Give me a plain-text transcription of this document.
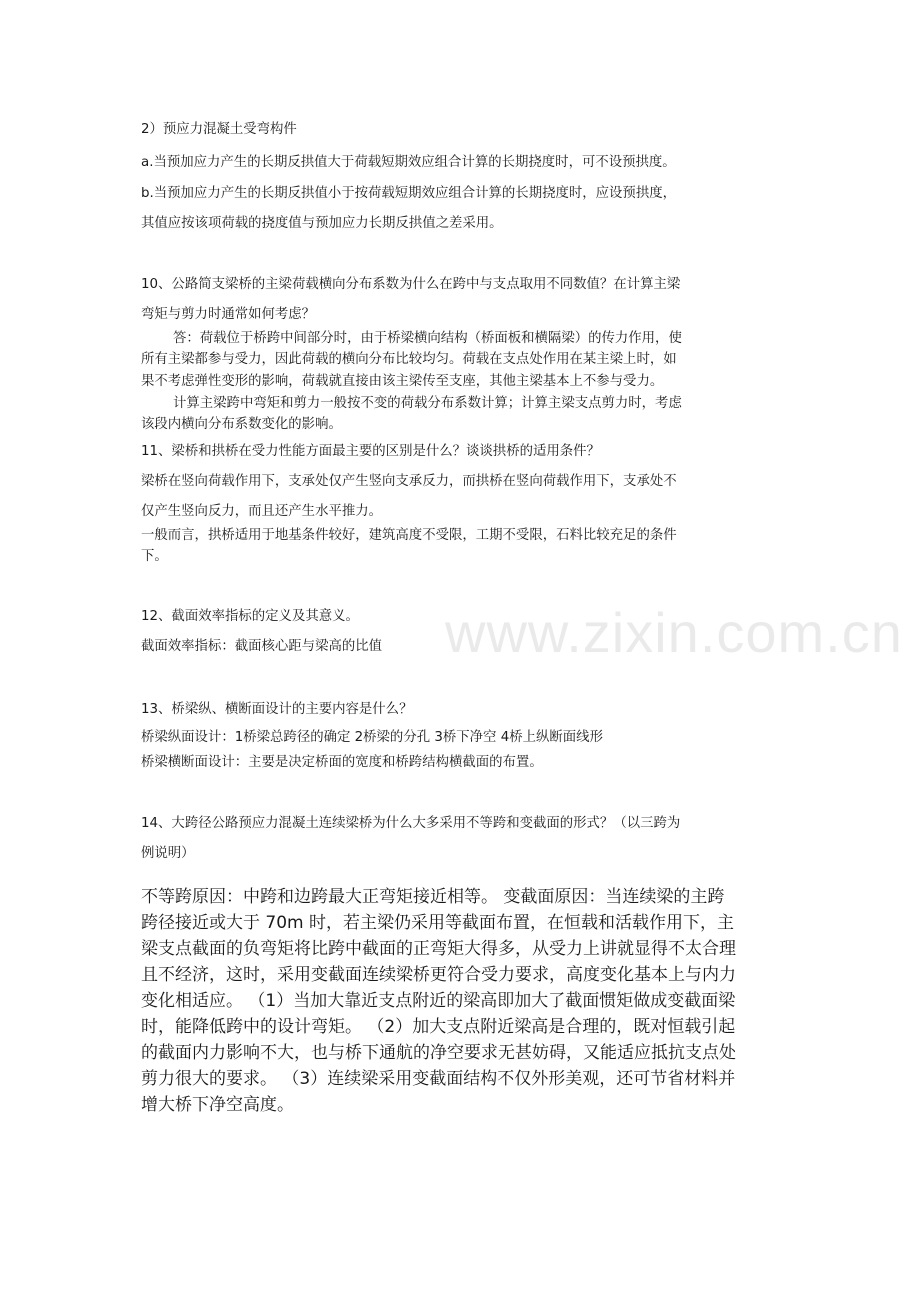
2）预应力混凝土受弯构件
a.当预加应力产生的长期反拱值大于荷载短期效应组合计算的长期挠度时，可不设预拱度。
b.当预加应力产生的长期反拱值小于按荷载短期效应组合计算的长期挠度时，应设预拱度，
其值应按该项荷载的挠度值与预加应力长期反拱值之差采用。
10、公路简支梁桥的主梁荷载横向分布系数为什么在跨中与支点取用不同数值？在计算主梁
弯矩与剪力时通常如何考虑？
答：荷载位于桥跨中间部分时，由于桥梁横向结构（桥面板和横隔梁）的传力作用，使
所有主梁都参与受力，因此荷载的横向分布比较均匀。荷载在支点处作用在某主梁上时，如
果不考虑弹性变形的影响，荷载就直接由该主梁传至支座，其他主梁基本上不参与受力。
计算主梁跨中弯矩和剪力一般按不变的荷载分布系数计算；计算主梁支点剪力时，考虑
该段内横向分布系数变化的影响。
11、梁桥和拱桥在受力性能方面最主要的区别是什么？谈谈拱桥的适用条件？
梁桥在竖向荷载作用下，支承处仅产生竖向支承反力，而拱桥在竖向荷载作用下，支承处不
仅产生竖向反力，而且还产生水平推力。
一般而言，拱桥适用于地基条件较好，建筑高度不受限，工期不受限，石料比较充足的条件
下。
12、截面效率指标的定义及其意义。
截面效率指标：截面核心距与梁高的比值 www.zixin.com.cn
13、桥梁纵、横断面设计的主要内容是什么？
桥梁纵面设计：1桥梁总跨径的确定 2桥梁的分孔 3桥下净空 4桥上纵断面线形
桥梁横断面设计：主要是决定桥面的宽度和桥跨结构横截面的布置。
14、大跨径公路预应力混凝土连续梁桥为什么大多采用不等跨和变截面的形式？（以三跨为
例说明）
不等跨原因：中跨和边跨最大正弯矩接近相等。 变截面原因：当连续梁的主跨
跨径接近或大于 70m 时，若主梁仍采用等截面布置，在恒载和活载作用下，主
梁支点截面的负弯矩将比跨中截面的正弯矩大得多，从受力上讲就显得不太合理
且不经济，这时，采用变截面连续梁桥更符合受力要求，高度变化基本上与内力
变化相适应。 （1）当加大靠近支点附近的梁高即加大了截面惯矩做成变截面梁
时，能降低跨中的设计弯矩。 （2）加大支点附近梁高是合理的，既对恒载引起
的截面内力影响不大，也与桥下通航的净空要求无甚妨碍，又能适应抵抗支点处
剪力很大的要求。 （3）连续梁采用变截面结构不仅外形美观，还可节省材料并
增大桥下净空高度。
